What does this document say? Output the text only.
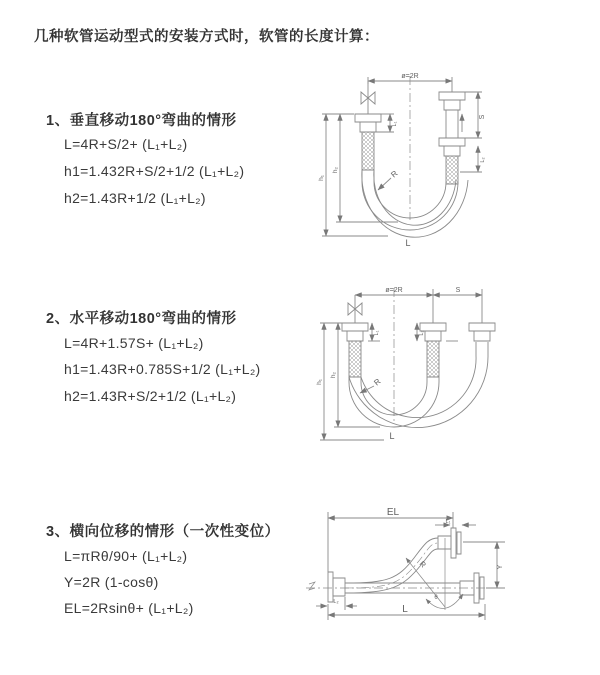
几种软管运动型式的安装方式时，软管的长度计算：
1、垂直移动180°弯曲的情形
L=4R+S/2+ (L₁+L₂)
h1=1.432R+S/2+1/2 (L₁+L₂)
h2=1.43R+1/2 (L₁+L₂)
ø=2R
h₁
h₂
S
L₂
L₁
R
L
2、水平移动180°弯曲的情形
L=4R+1.57S+ (L₁+L₂)
h1=1.43R+0.785S+1/2 (L₁+L₂)
h2=1.43R+S/2+1/2 (L₁+L₂)
ø=2R	S
h₁
h₂
L₁	L₂
R
L
3、横向位移的情形（一次性变位）
L=πRθ/90+ (L₁+L₂)
Y=2R (1-cosθ)
EL=2Rsinθ+ (L₁+L₂)
EL
L₁
Y
R
θ
L
L₂
